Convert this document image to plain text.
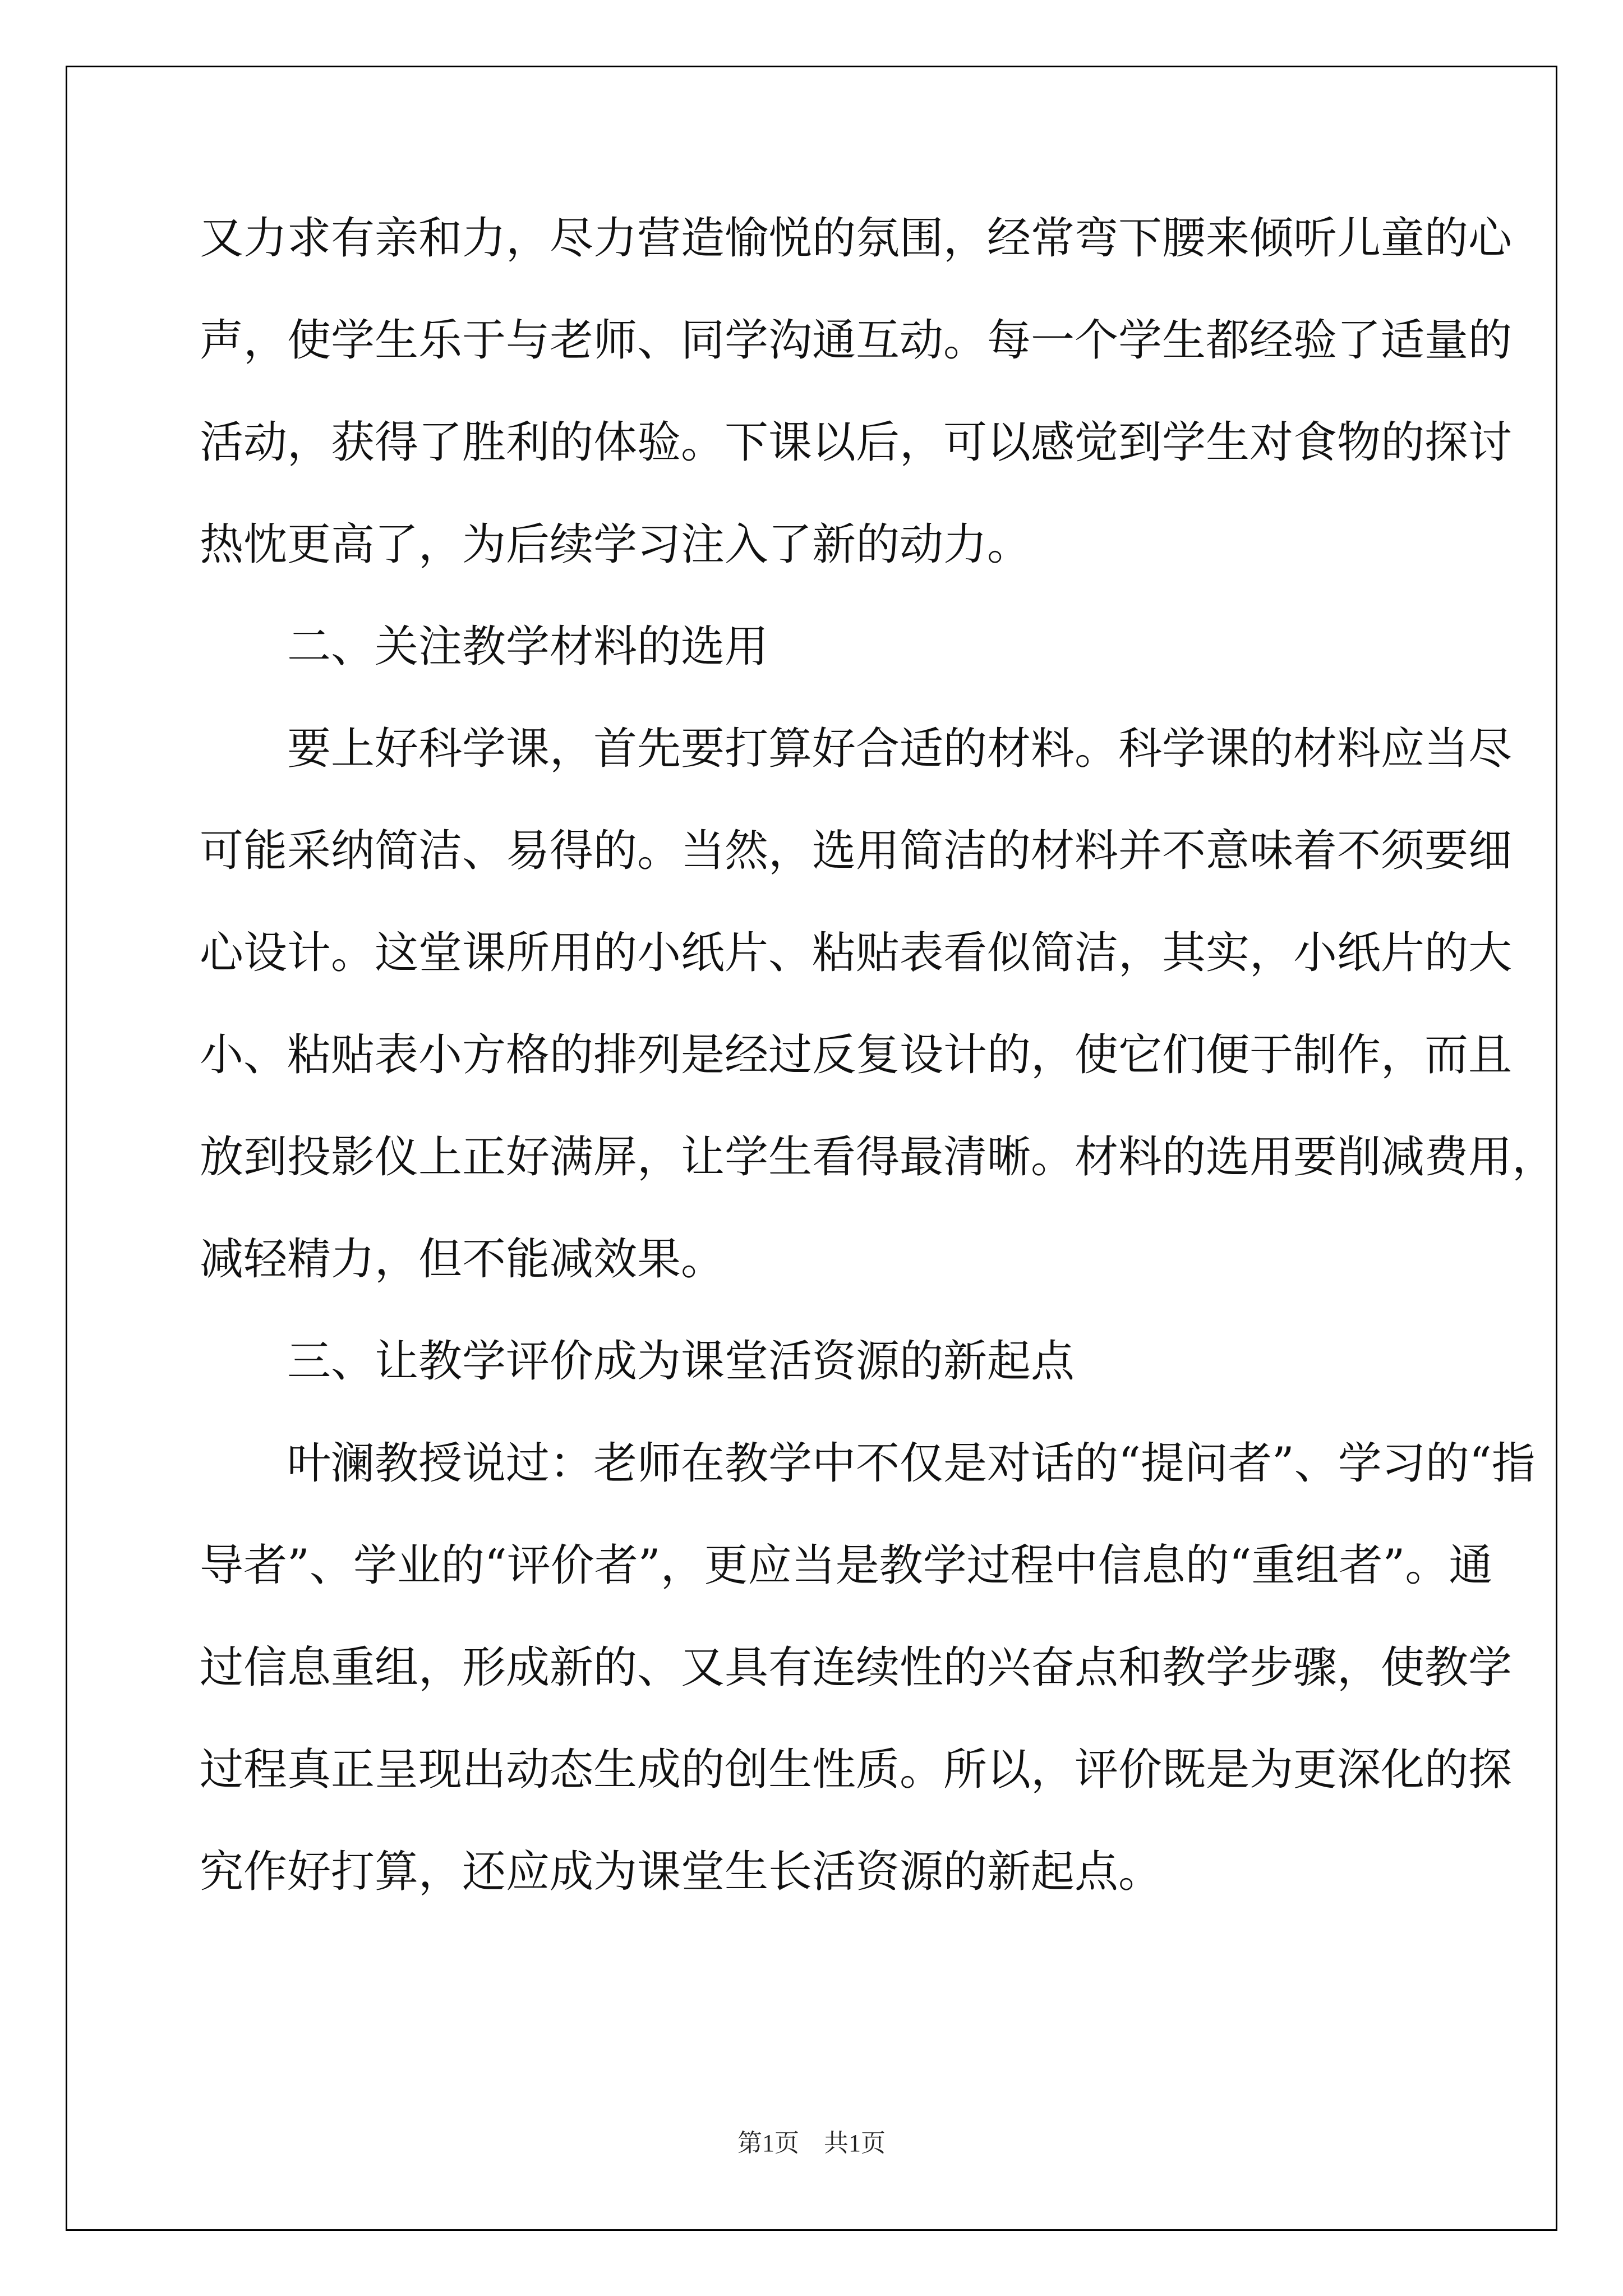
又力求有亲和力，尽力营造愉悦的氛围，经常弯下腰来倾听儿童的心
声，使学生乐于与老师、同学沟通互动。每一个学生都经验了适量的
活动，获得了胜利的体验。下课以后，可以感觉到学生对食物的探讨
热忱更高了，为后续学习注入了新的动力。
二、关注教学材料的选用
要上好科学课，首先要打算好合适的材料。科学课的材料应当尽
可能采纳简洁、易得的。当然，选用简洁的材料并不意味着不须要细
心设计。这堂课所用的小纸片、粘贴表看似简洁，其实，小纸片的大
小、粘贴表小方格的排列是经过反复设计的，使它们便于制作，而且
放到投影仪上正好满屏，让学生看得最清晰。材料的选用要削减费用，
减轻精力，但不能减效果。
三、让教学评价成为课堂活资源的新起点
叶澜教授说过：老师在教学中不仅是对话的“提问者”、学习的“指
导者”、学业的“评价者”，更应当是教学过程中信息的“重组者”。通
过信息重组，形成新的、又具有连续性的兴奋点和教学步骤，使教学
过程真正呈现出动态生成的创生性质。所以，评价既是为更深化的探
究作好打算，还应成为课堂生长活资源的新起点。
第1页　共1页
